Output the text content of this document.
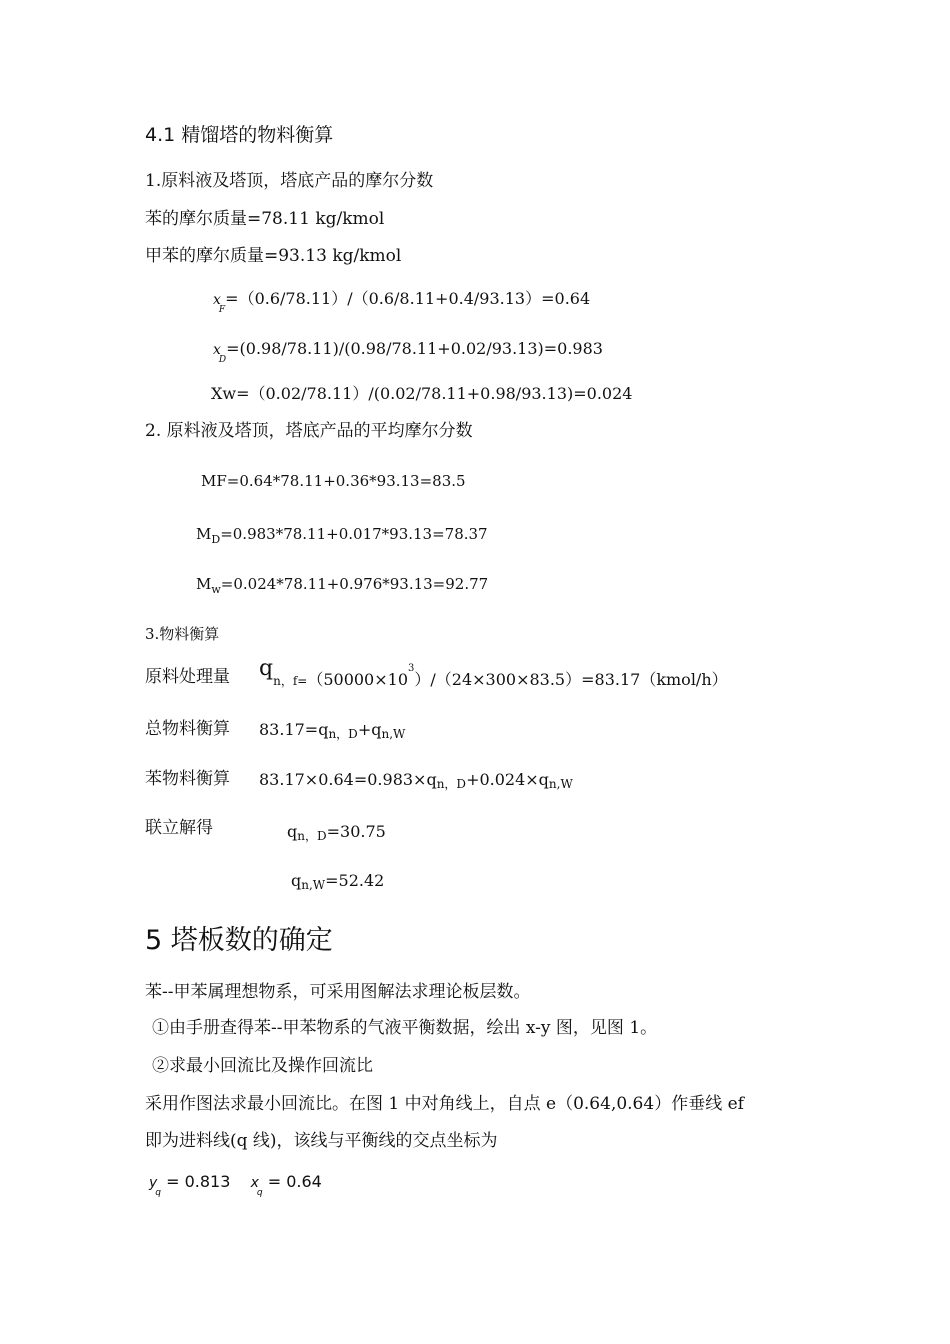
4.1 精馏塔的物料衡算
1.原料液及塔顶，塔底产品的摩尔分数
苯的摩尔质量=78.11 kg/kmol
甲苯的摩尔质量=93.13 kg/kmol
$x_F=(0.6/78.11)/(0.6/8.11+0.4/93.13)=0.64$
$x_D=(0.98/78.11)/(0.98/78.11+0.02/93.13)=0.983$
Xw=（0.02/78.11）/(0.02/78.11+0.98/93.13)=0.024
2. 原料液及塔顶，塔底产品的平均摩尔分数
MF=0.64*78.11+0.36*93.13=83.5
$M_D=0.983*78.11+0.017*93.13=78.37$
$M_w=0.024*78.11+0.976*93.13=92.77$
3.物料衡算
原料处理量 $q_{n,f=}(50000\times 10^3)/(24\times 300\times 83.5)=83.17(kmol/h)$
总物料衡算 83.17=qn，D+qn,W
苯物料衡算 83.17×0.64=0.983×qn，D+0.024×qn,W
联立解得	qn，D=30.75
qn,W=52.42
5 塔板数的确定
苯--甲苯属理想物系，可采用图解法求理论板层数。
①由手册查得苯--甲苯物系的气液平衡数据，绘出 x-y 图，见图 1。
②求最小回流比及操作回流比
采用作图法求最小回流比。在图 1 中对角线上，自点 e（0.64,0.64）作垂线 ef
即为进料线(q 线)，该线与平衡线的交点坐标为
$y_q = 0.813$ $x_q = 0.64$
